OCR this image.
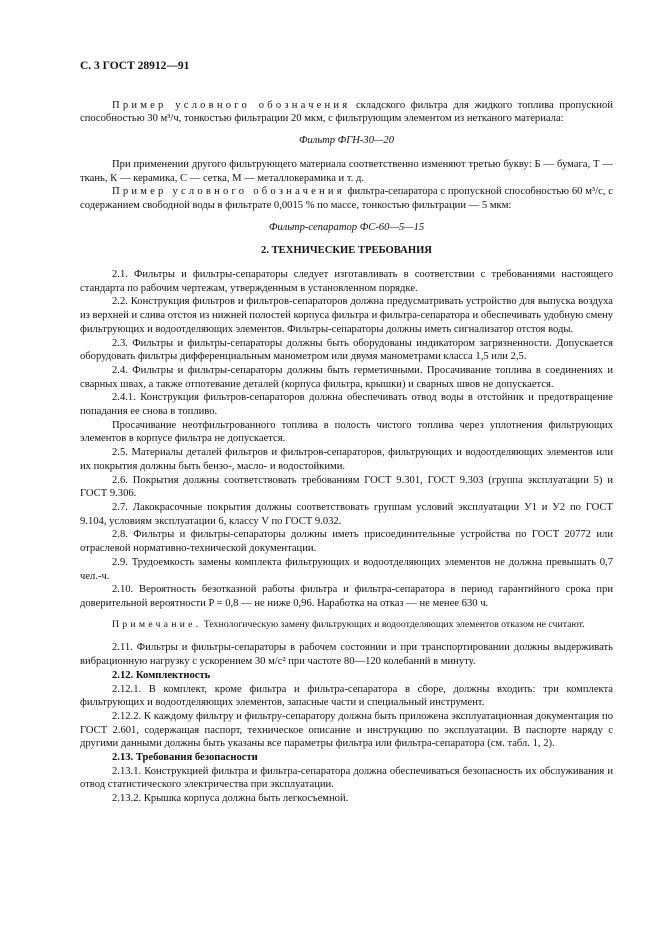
С. 3 ГОСТ 28912—91

Пример условного обозначения складского фильтра для жидкого топлива пропускной способностью 30 м³/ч, тонкостью фильтрации 20 мкм, с фильтрующим элементом из нетканого материала:

Фильтр ФГН-30—20

При применении другого фильтрующего материала соответственно изменяют третью букву: Б — бумага, Т — ткань, К — керамика, С — сетка, М — металлокерамика и т. д.

Пример условного обозначения фильтра-сепаратора с пропускной способностью 60 м³/с, с содержанием свободной воды в фильтрате 0,0015 % по массе, тонкостью фильтрации — 5 мкм:

Фильтр-сепаратор ФС-60—5—15
2. ТЕХНИЧЕСКИЕ ТРЕБОВАНИЯ

2.1. Фильтры и фильтры-сепараторы следует изготавливать в соответствии с требованиями настоящего стандарта по рабочим чертежам, утвержденным в установленном порядке.

2.2. Конструкция фильтров и фильтров-сепараторов должна предусматривать устройство для выпуска воздуха из верхней и слива отстоя из нижней полостей корпуса фильтра и фильтра-сепаратора и обеспечивать удобную смену фильтрующих и водоотделяющих элементов. Фильтры-сепараторы должны иметь сигнализатор отстоя воды.

2.3. Фильтры и фильтры-сепараторы должны быть оборудованы индикатором загрязненности. Допускается оборудовать фильтры дифференциальным манометром или двумя манометрами класса 1,5 или 2,5.

2.4. Фильтры и фильтры-сепараторы должны быть герметичными. Просачивание топлива в соединениях и сварных швах, а также отпотевание деталей (корпуса фильтра, крышки) и сварных швов не допускается.

2.4.1. Конструкция фильтров-сепараторов должна обеспечивать отвод воды в отстойник и предотвращение попадания ее снова в топливо.

Просачивание неотфильтрованного топлива в полость чистого топлива через уплотнения фильтрующих элементов в корпусе фильтра не допускается.

2.5. Материалы деталей фильтров и фильтров-сепараторов, фильтрующих и водоотделяющих элементов или их покрытия должны быть бензо-, масло- и водостойкими.

2.6. Покрытия должны соответствовать требованиям ГОСТ 9.301, ГОСТ 9.303 (группа эксплуатации 5) и ГОСТ 9.306.

2.7. Лакокрасочные покрытия должны соответствовать группам условий эксплуатации У1 и У2 по ГОСТ 9.104, условиям эксплуатации 6, классу V по ГОСТ 9.032.

2.8. Фильтры и фильтры-сепараторы должны иметь присоединительные устройства по ГОСТ 20772 или отраслевой нормативно-технической документации.

2.9. Трудоемкость замены комплекта фильтрующих и водоотделяющих элементов не должна превышать 0,7 чел.-ч.

2.10. Вероятность безотказной работы фильтра и фильтра-сепаратора в период гарантийного срока при доверительной вероятности P = 0,8 — не ниже 0,96. Наработка на отказ — не менее 630 ч.

Примечание. Технологическую замену фильтрующих и водоотделяющих элементов отказом не считают.

2.11. Фильтры и фильтры-сепараторы в рабочем состоянии и при транспортировании должны выдерживать вибрационную нагрузку с ускорением 30 м/с² при частоте 80—120 колебаний в минуту.

2.12. Комплектность

2.12.1. В комплект, кроме фильтра и фильтра-сепаратора в сборе, должны входить: три комплекта фильтрующих и водоотделяющих элементов, запасные части и специальный инструмент.

2.12.2. К каждому фильтру и фильтру-сепаратору должна быть приложена эксплуатационная документация по ГОСТ 2.601, содержащая паспорт, техническое описание и инструкцию по эксплуатации. В паспорте наряду с другими данными должны быть указаны все параметры фильтра или фильтра-сепаратора (см. табл. 1, 2).

2.13. Требования безопасности

2.13.1. Конструкцией фильтра и фильтра-сепаратора должна обеспечиваться безопасность их обслуживания и отвод статистического электричества при эксплуатации.

2.13.2. Крышка корпуса должна быть легкосъемной.
